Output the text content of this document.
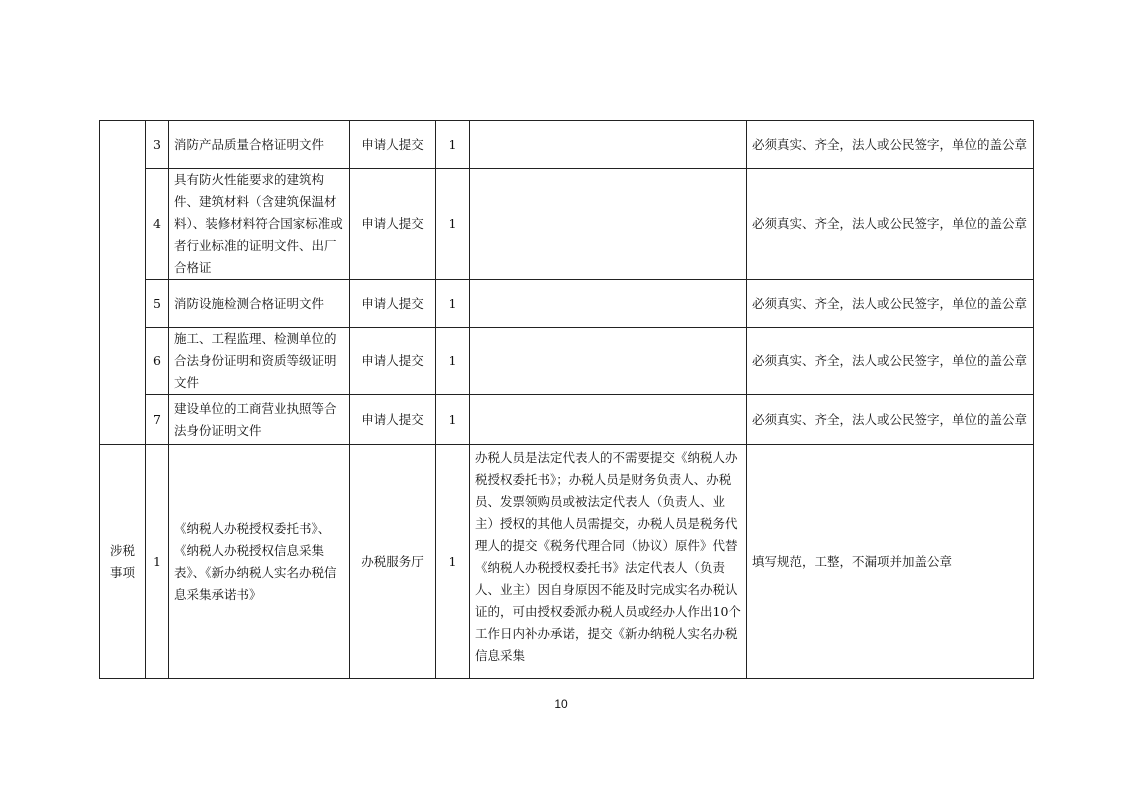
	3	消防产品质量合格证明文件	申请人提交	1		必须真实、齐全，法人或公民签字，单位的盖公章
	4	具有防火性能要求的建筑构件、建筑材料（含建筑保温材料）、装修材料符合国家标准或者行业标准的证明文件、出厂合格证	申请人提交	1		必须真实、齐全，法人或公民签字，单位的盖公章
	5	消防设施检测合格证明文件	申请人提交	1		必须真实、齐全，法人或公民签字，单位的盖公章
	6	施工、工程监理、检测单位的合法身份证明和资质等级证明文件	申请人提交	1		必须真实、齐全，法人或公民签字，单位的盖公章
	7	建设单位的工商营业执照等合法身份证明文件	申请人提交	1		必须真实、齐全，法人或公民签字，单位的盖公章
涉税事项	1	《纳税人办税授权委托书》、《纳税人办税授权信息采集表》、《新办纳税人实名办税信息采集承诺书》	办税服务厅	1	办税人员是法定代表人的不需要提交《纳税人办税授权委托书》；办税人员是财务负责人、办税员、发票领购员或被法定代表人（负责人、业主）授权的其他人员需提交，办税人员是税务代理人的提交《税务代理合同（协议）原件》代替《纳税人办税授权委托书》法定代表人（负责人、业主）因自身原因不能及时完成实名办税认证的，可由授权委派办税人员或经办人作出10个工作日内补办承诺，提交《新办纳税人实名办税信息采集	填写规范，工整，不漏项并加盖公章
10
